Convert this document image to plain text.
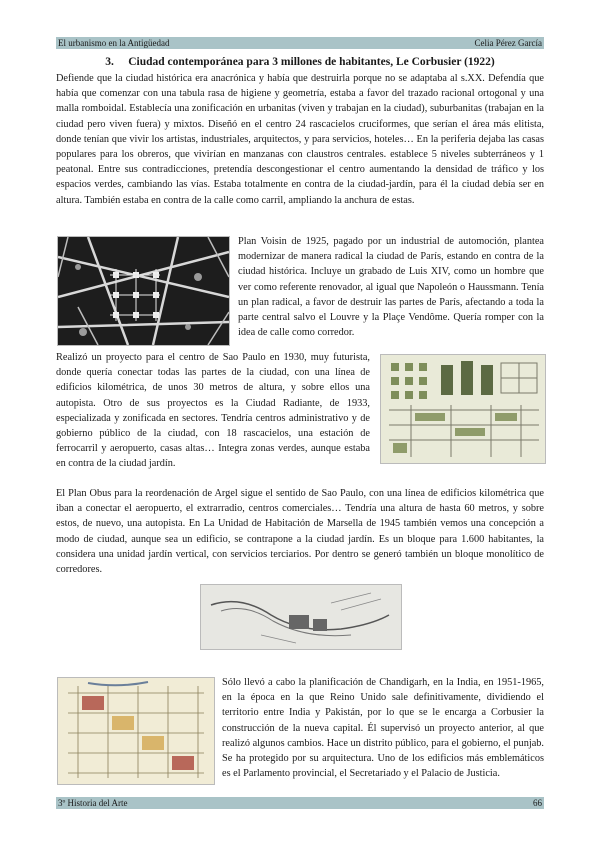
El urbanismo en la Antigüedad	Celia Pérez García
3. Ciudad contemporánea para 3 millones de habitantes, Le Corbusier (1922)

Defiende que la ciudad histórica era anacrónica y había que destruirla porque no se adaptaba al s.XX. Defendía que había que comenzar con una tabula rasa de higiene y geometría, estaba a favor del trazado racional ortogonal y una malla romboidal. Establecía una zonificación en urbanitas (viven y trabajan en la ciudad), suburbanitas (trabajan en la ciudad pero viven fuera) y mixtos. Diseñó en el centro 24 rascacielos cruciformes, que serían el área más elitista, donde tenían que vivir los artistas, industriales, arquitectos, y para servicios, hoteles… En la periferia dejaba las casas populares para los obreros, que vivirían en manzanas con claustros centrales. establece 5 niveles subterráneos y 1 peatonal. Entre sus contradicciones, pretendía descongestionar el centro aumentando la densidad de tráfico y los espacios verdes, cambiando las vías. Estaba totalmente en contra de la ciudad-jardín, para él la ciudad debía ser en altura. También estaba en contra de la calle como carril, ampliando la anchura de estas.

Plan Voisin de 1925, pagado por un industrial de automoción, plantea modernizar de manera radical la ciudad de París, estando en contra de la ciudad histórica. Incluye un grabado de Luis XIV, como un hombre que ver como referente renovador, al igual que Napoleón o Haussmann. Tenía un plan radical, a favor de destruir las partes de París, afectando a toda la parte central salvo el Louvre y la Plaçe Vendôme. Quería romper con la idea de calle como corredor.

Realizó un proyecto para el centro de Sao Paulo en 1930, muy futurista, donde quería conectar todas las partes de la ciudad, con una línea de edificios kilométrica, de unos 30 metros de altura, y sobre ellos una autopista. Otro de sus proyectos es la Ciudad Radiante, de 1933, especializada y zonificada en sectores. Tendría centros administrativo y de gobierno público de la ciudad, con 18 rascacielos, una estación de ferrocarril y aeropuerto, casas altas… Integra zonas verdes, aunque estaba en contra de la ciudad jardín.

El Plan Obus para la reordenación de Argel sigue el sentido de Sao Paulo, con una línea de edificios kilométrica que iban a conectar el aeropuerto, el extrarradio, centros comerciales… Tendría una altura de hasta 60 metros, y sobre estos, de nuevo, una autopista. En La Unidad de Habitación de Marsella de 1945 también vemos una concepción a modo de ciudad, aunque sea un edificio, se contrapone a la ciudad jardín. Es un bloque para 1.600 habitantes, la considera una unidad jardín vertical, con servicios terciarios. Por dentro se generó también un bloque monolítico de corredores.

Sólo llevó a cabo la planificación de Chandigarh, en la India, en 1951-1965, en la época en la que Reino Unido sale definitivamente, dividiendo el territorio entre India y Pakistán, por lo que se le encarga a Corbusier la construcción de la nueva capital. Él supervisó un proyecto anterior, al que realizó algunos cambios. Hace un distrito público, para el gobierno, el punjab. Se ha protegido por su arquitectura. Uno de los edificios más emblemáticos es el Parlamento provincial, el Secretariado y el Palacio de Justicia.

3º Historia del Arte	66
